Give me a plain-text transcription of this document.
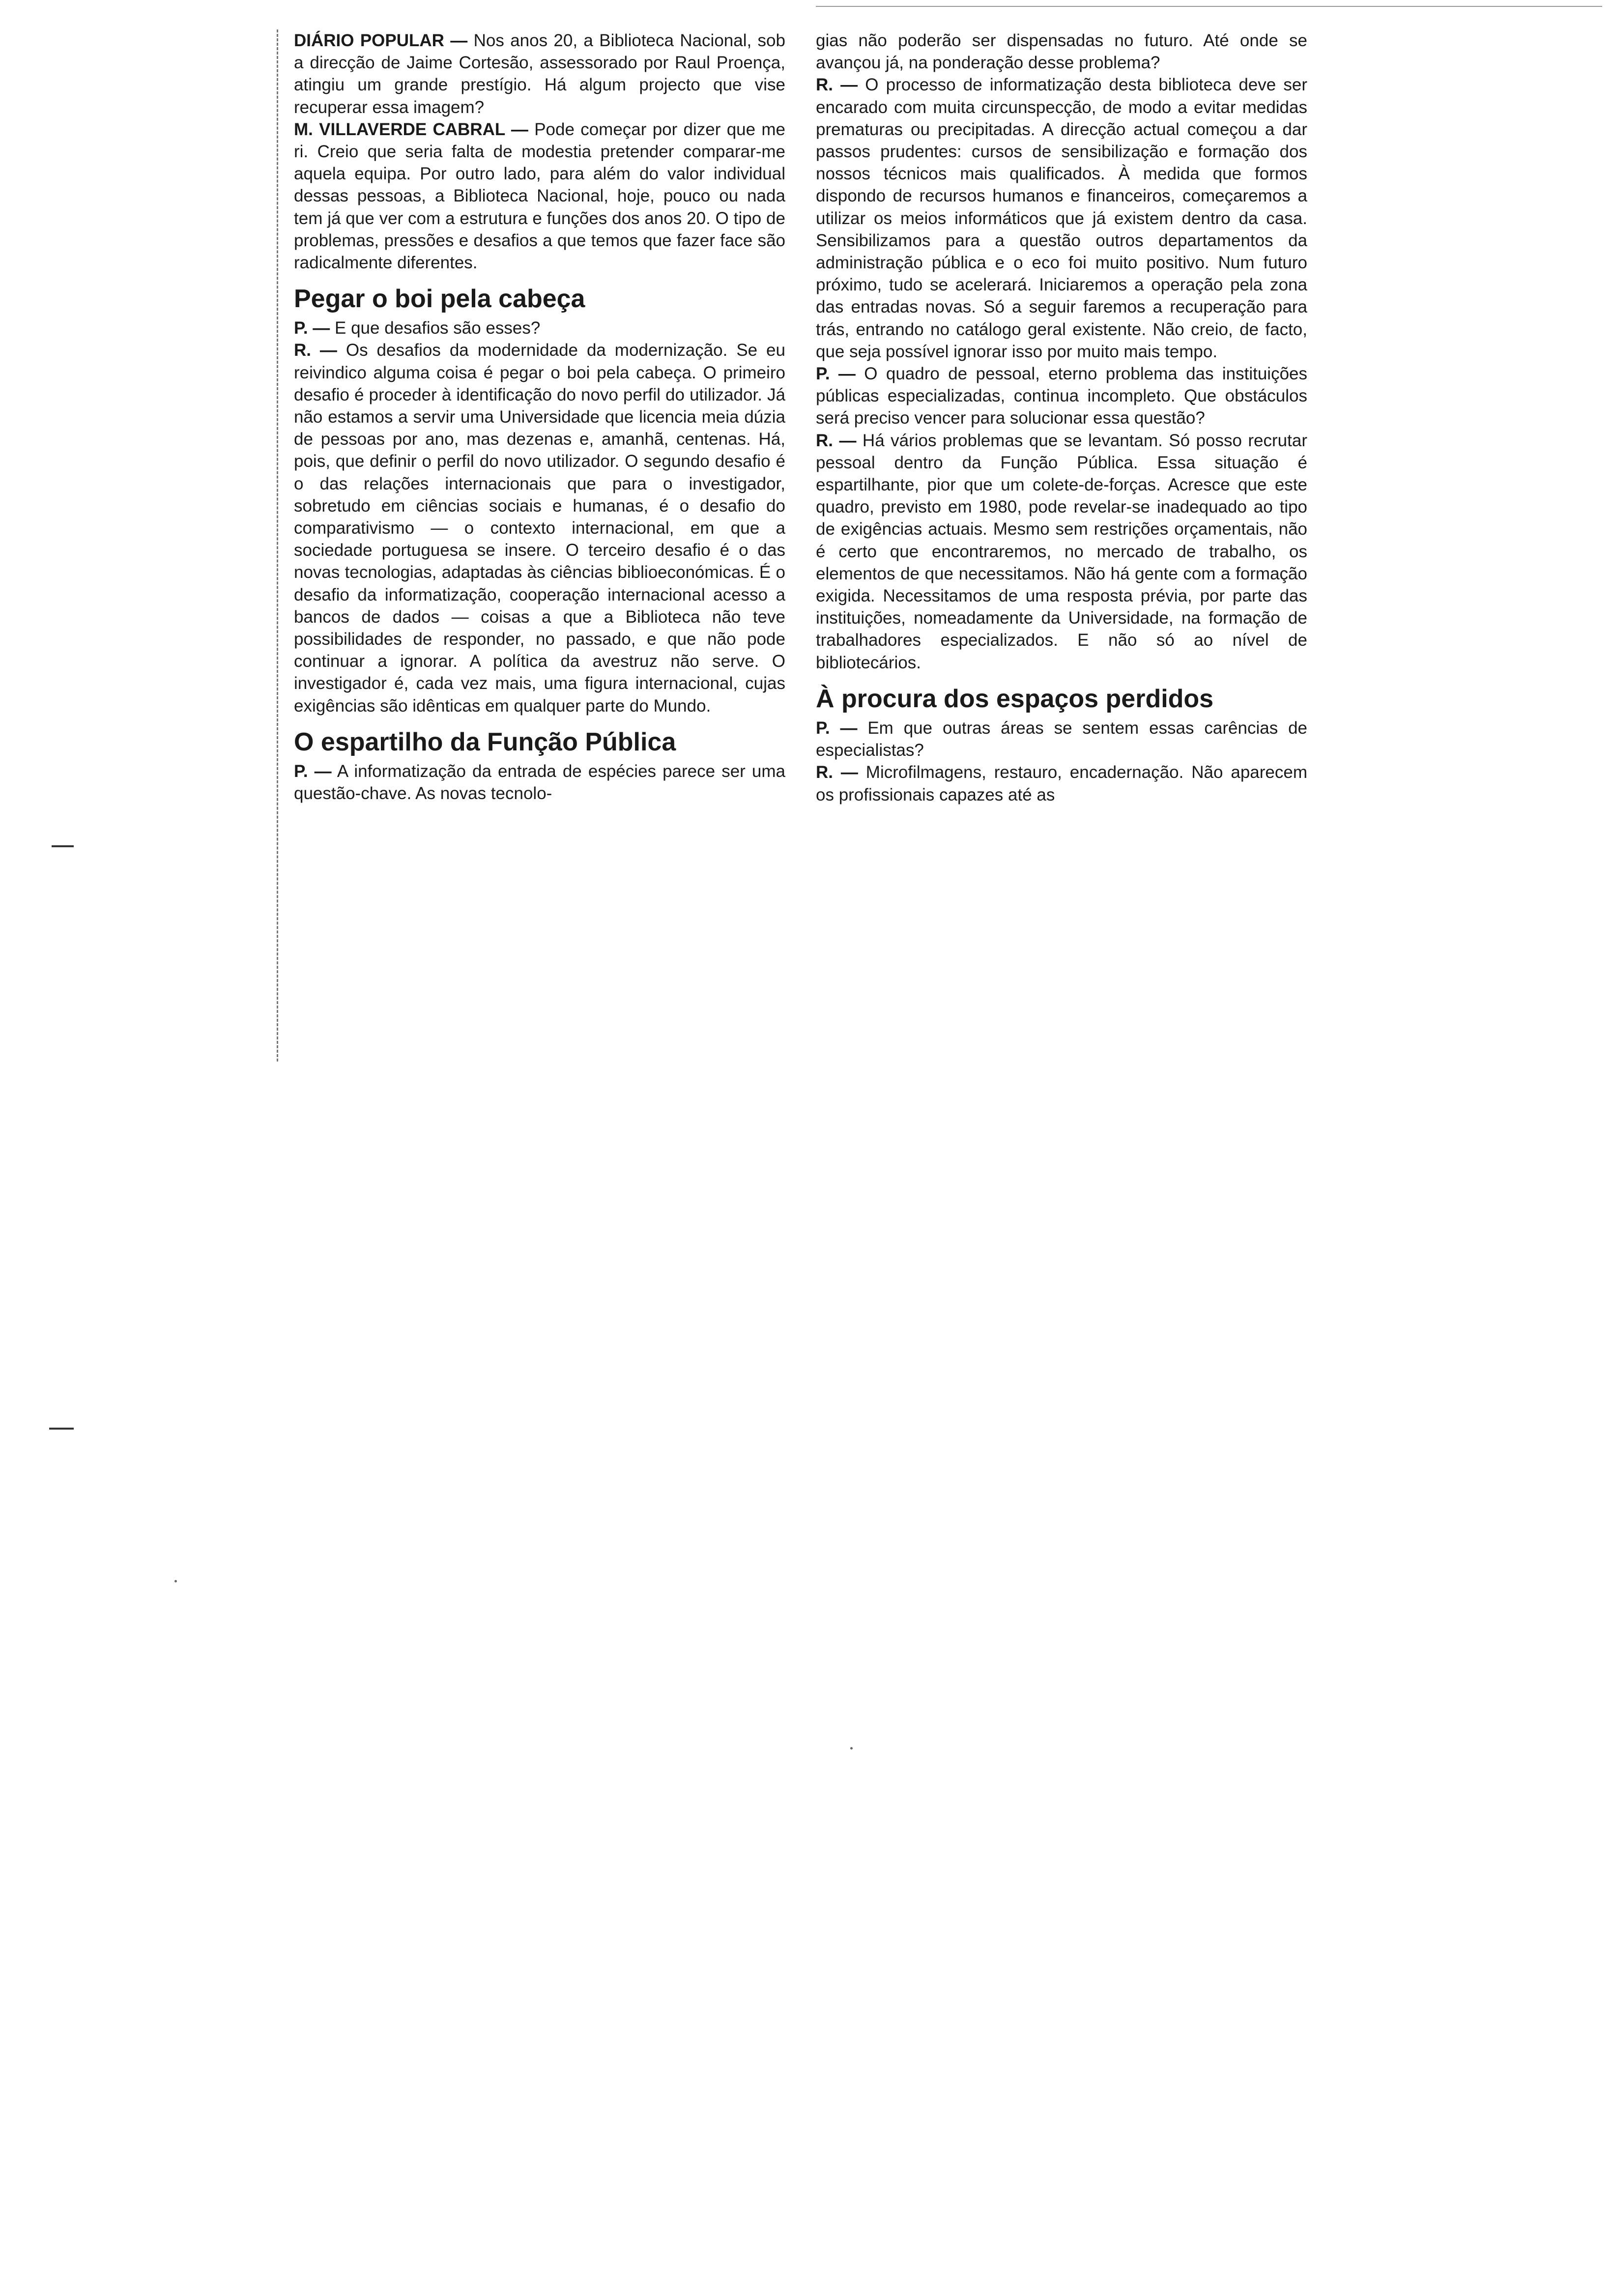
DIÁRIO POPULAR — Nos anos 20, a Biblioteca Nacional, sob a direcção de Jaime Cortesão, assessorado por Raul Proença, atingiu um grande prestígio. Há algum projecto que vise recuperar essa imagem?

M. VILLAVERDE CABRAL — Pode começar por dizer que me ri. Creio que seria falta de modestia pretender comparar-me aquela equipa. Por outro lado, para além do valor individual dessas pessoas, a Biblioteca Nacional, hoje, pouco ou nada tem já que ver com a estrutura e funções dos anos 20. O tipo de problemas, pressões e desafios a que temos que fazer face são radicalmente diferentes.

Pegar o boi pela cabeça

P. — E que desafios são esses?

R. — Os desafios da modernidade da modernização. Se eu reivindico alguma coisa é pegar o boi pela cabeça. O primeiro desafio é proceder à identificação do novo perfil do utilizador. Já não estamos a servir uma Universidade que licencia meia dúzia de pessoas por ano, mas dezenas e, amanhã, centenas. Há, pois, que definir o perfil do novo utilizador. O segundo desafio é o das relações internacionais que para o investigador, sobretudo em ciências sociais e humanas, é o desafio do comparativismo — o contexto internacional, em que a sociedade portuguesa se insere. O terceiro desafio é o das novas tecnologias, adaptadas às ciências biblioeconómicas. É o desafio da informatização, cooperação internacional acesso a bancos de dados — coisas a que a Biblioteca não teve possibilidades de responder, no passado, e que não pode continuar a ignorar. A política da avestruz não serve. O investigador é, cada vez mais, uma figura internacional, cujas exigências são idênticas em qualquer parte do Mundo.

O espartilho da Função Pública

P. — A informatização da entrada de espécies parece ser uma questão-chave. As novas tecnolo-

gias não poderão ser dispensadas no futuro. Até onde se avançou já, na ponderação desse problema?

R. — O processo de informatização desta biblioteca deve ser encarado com muita circunspecção, de modo a evitar medidas prematuras ou precipitadas. A direcção actual começou a dar passos prudentes: cursos de sensibilização e formação dos nossos técnicos mais qualificados. À medida que formos dispondo de recursos humanos e financeiros, começaremos a utilizar os meios informáticos que já existem dentro da casa. Sensibilizamos para a questão outros departamentos da administração pública e o eco foi muito positivo. Num futuro próximo, tudo se acelerará. Iniciaremos a operação pela zona das entradas novas. Só a seguir faremos a recuperação para trás, entrando no catálogo geral existente. Não creio, de facto, que seja possível ignorar isso por muito mais tempo.

P. — O quadro de pessoal, eterno problema das instituições públicas especializadas, continua incompleto. Que obstáculos será preciso vencer para solucionar essa questão?

R. — Há vários problemas que se levantam. Só posso recrutar pessoal dentro da Função Pública. Essa situação é espartilhante, pior que um colete-de-forças. Acresce que este quadro, previsto em 1980, pode revelar-se inadequado ao tipo de exigências actuais. Mesmo sem restrições orçamentais, não é certo que encontraremos, no mercado de trabalho, os elementos de que necessitamos. Não há gente com a formação exigida. Necessitamos de uma resposta prévia, por parte das instituições, nomeadamente da Universidade, na formação de trabalhadores especializados. E não só ao nível de bibliotecários.

À procura dos espaços perdidos

P. — Em que outras áreas se sentem essas carências de especialistas?

R. — Microfilmagens, restauro, encadernação. Não aparecem os profissionais capazes até as
